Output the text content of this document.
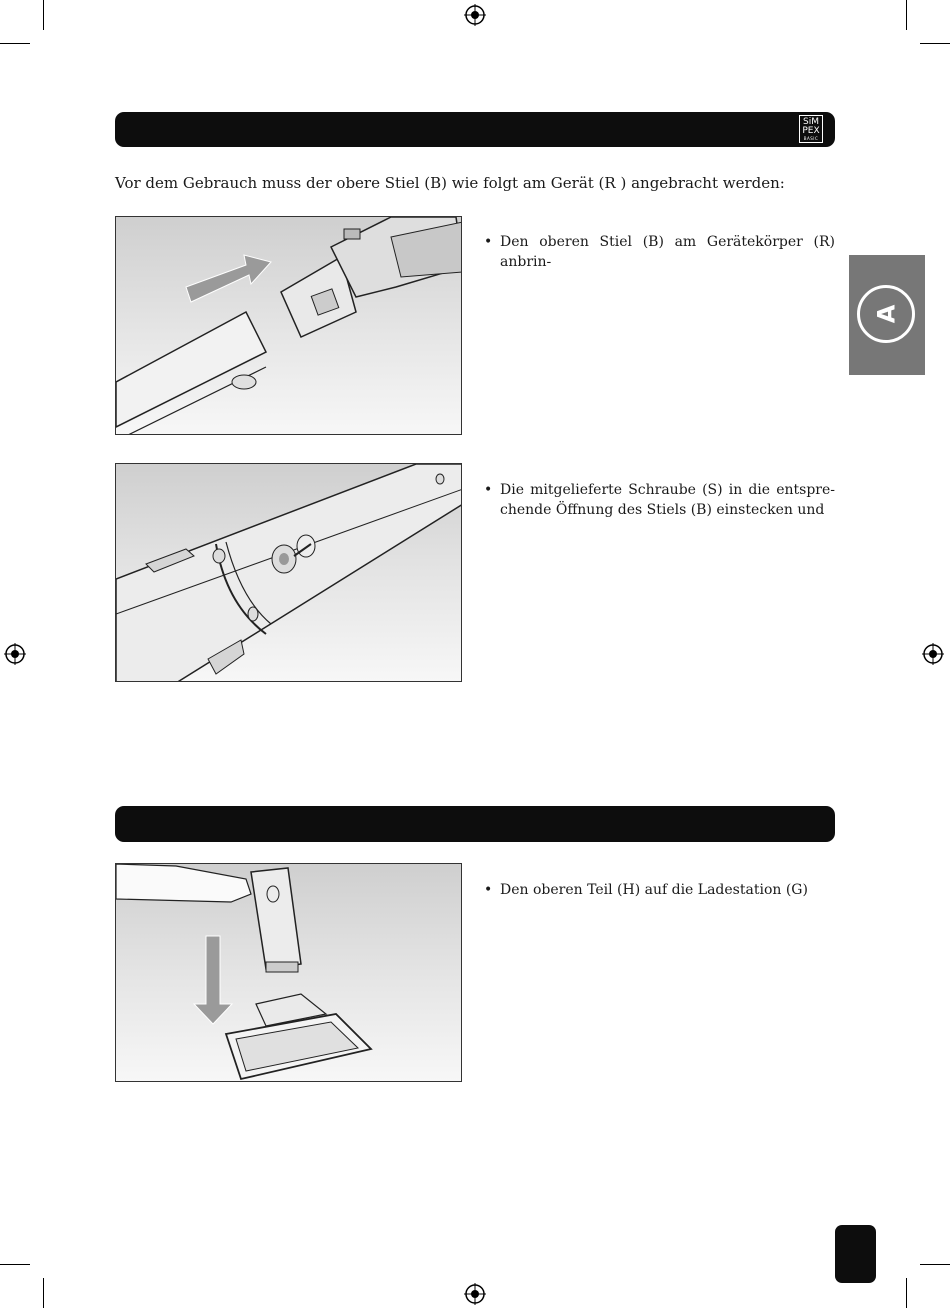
SiM
PEX
BASIC
Vor dem Gebrauch muss der obere Stiel (B) wie folgt am Gerät (R ) angebracht werden:
• Den oberen Stiel (B) am Gerätekörper (R) anbrin-
• Die mitgelieferte Schraube (S) in die entspre- chende Öffnung des Stiels (B) einstecken und
A
• Den oberen Teil (H) auf die Ladestation (G)
